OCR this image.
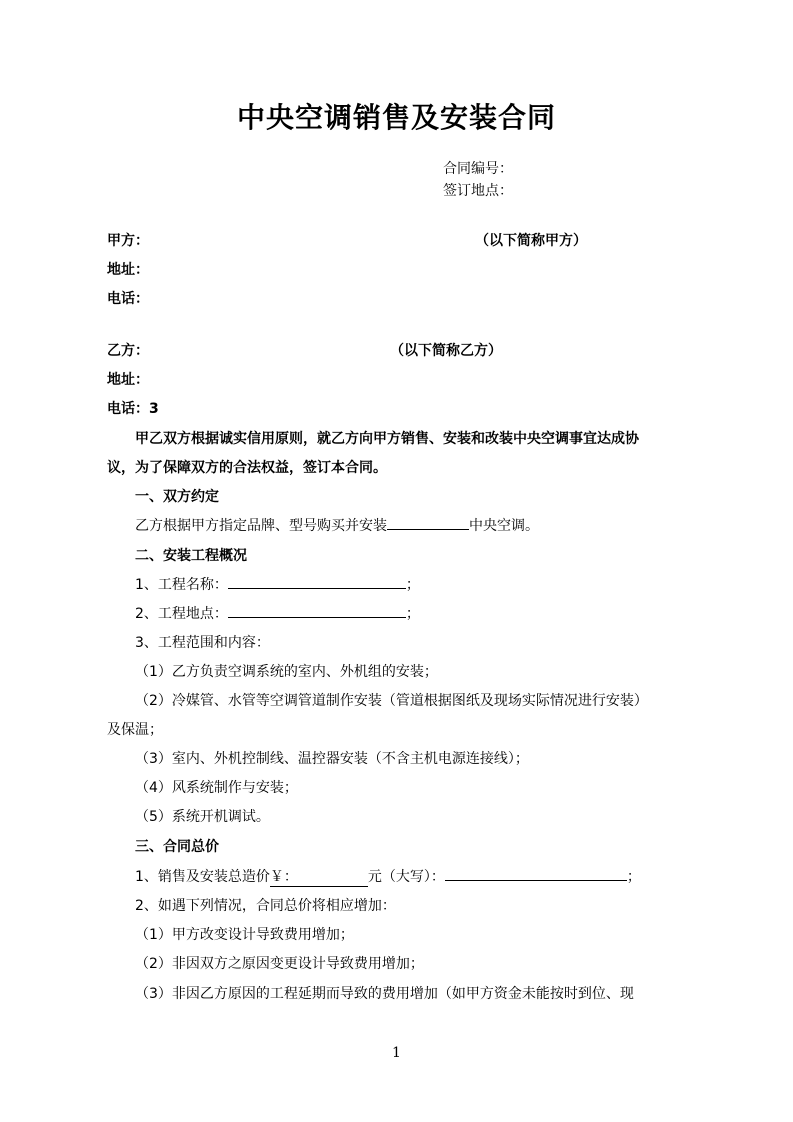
中央空调销售及安装合同
合同编号：
签订地点：
甲方：	（以下简称甲方）
地址：
电话：
乙方：	（以下简称乙方）
地址：
电话：3
甲乙双方根据诚实信用原则，就乙方向甲方销售、安装和改装中央空调事宜达成协
议，为了保障双方的合法权益，签订本合同。
一、双方约定
乙方根据甲方指定品牌、型号购买并安装	中央空调。
二、安装工程概况
1、工程名称：	；
2、工程地点：	；
3、工程范围和内容：
（1）乙方负责空调系统的室内、外机组的安装；
（2）冷媒管、水管等空调管道制作安装（管道根据图纸及现场实际情况进行安装）
及保温；
（3）室内、外机控制线、温控器安装（不含主机电源连接线）；
（4）风系统制作与安装；
（5）系统开机调试。
三、合同总价
1、销售及安装总造价￥：	元（大写）：	；
2、如遇下列情况，合同总价将相应增加：
（1）甲方改变设计导致费用增加；
（2）非因双方之原因变更设计导致费用增加；
（3）非因乙方原因的工程延期而导致的费用增加（如甲方资金未能按时到位、现
1
